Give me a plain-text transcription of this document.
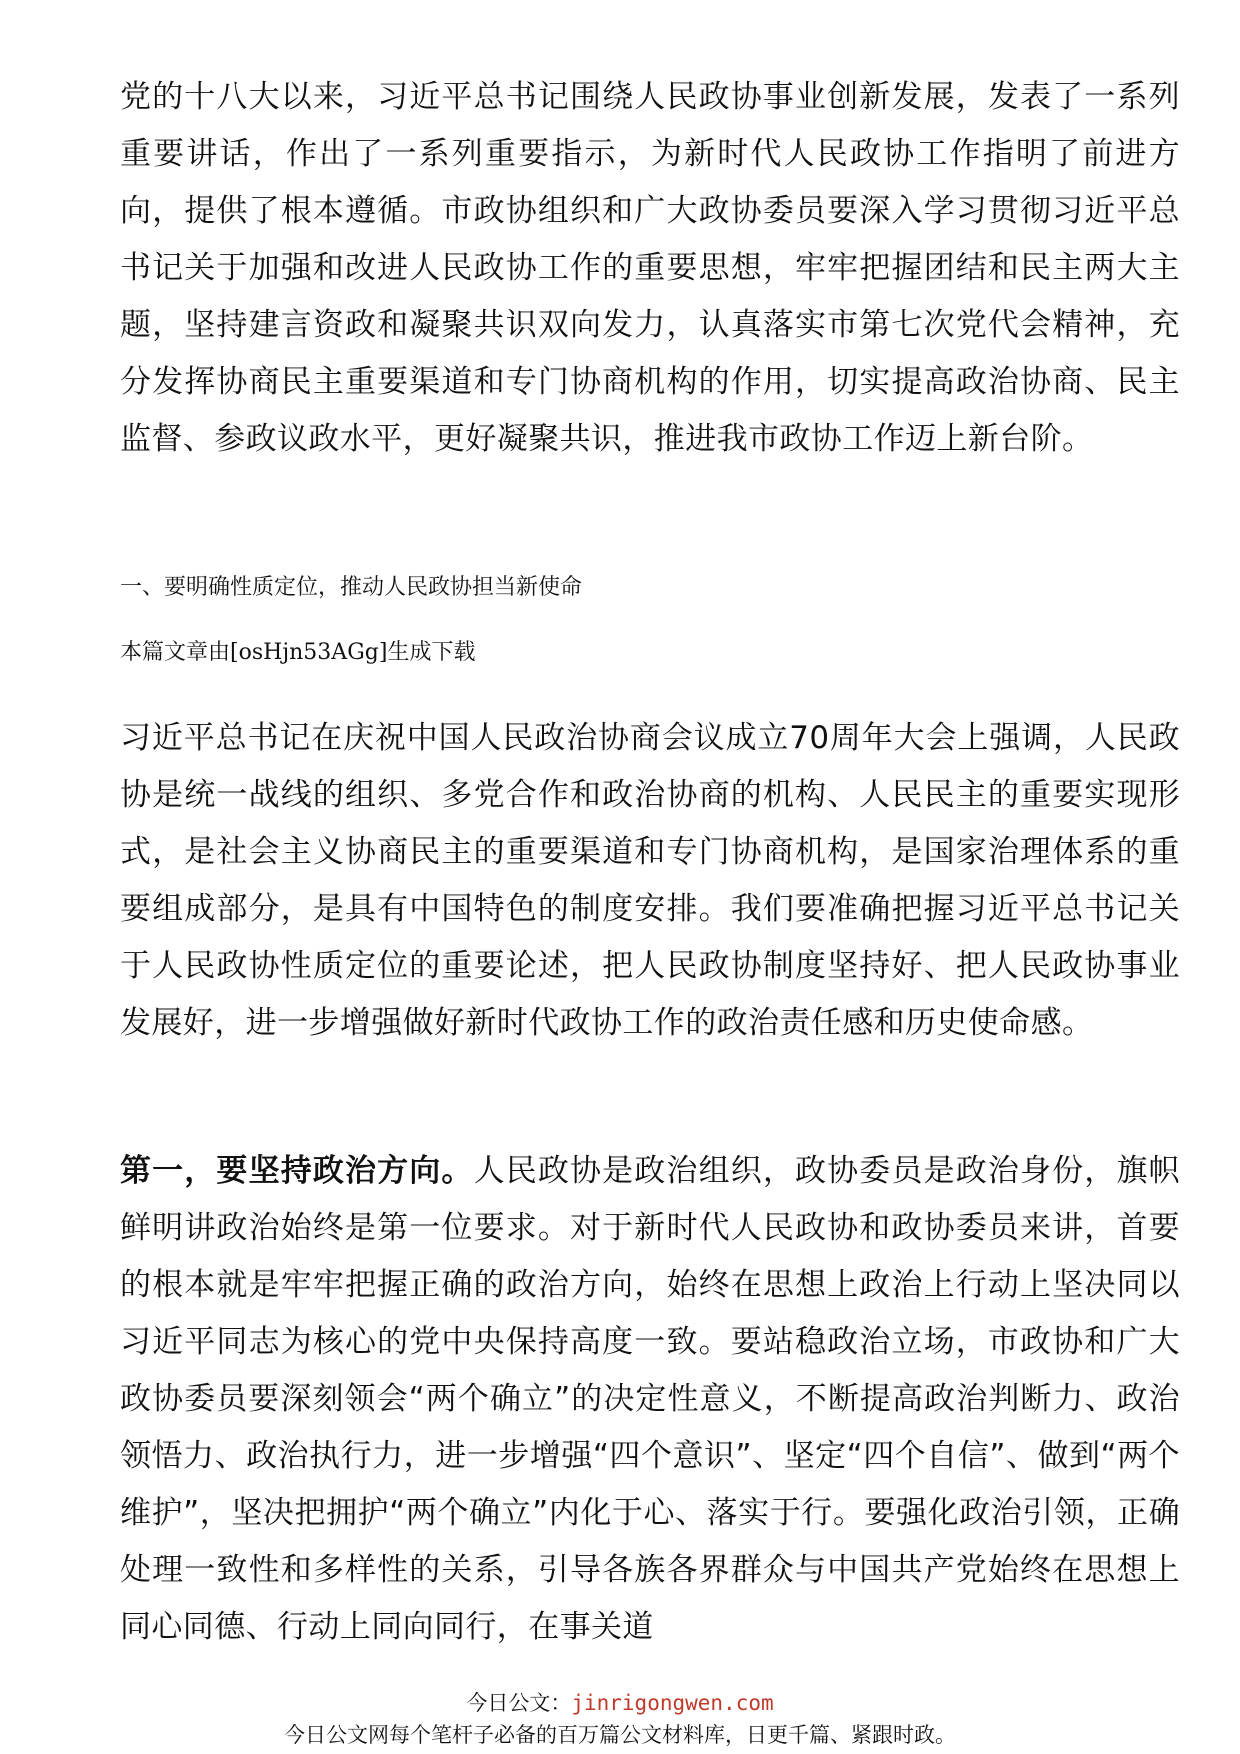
党的十八大以来，习近平总书记围绕人民政协事业创新发展，发表了一系列重要讲话，作出了一系列重要指示，为新时代人民政协工作指明了前进方向，提供了根本遵循。市政协组织和广大政协委员要深入学习贯彻习近平总书记关于加强和改进人民政协工作的重要思想，牢牢把握团结和民主两大主题，坚持建言资政和凝聚共识双向发力，认真落实市第七次党代会精神，充分发挥协商民主重要渠道和专门协商机构的作用，切实提高政治协商、民主监督、参政议政水平，更好凝聚共识，推进我市政协工作迈上新台阶。

一、要明确性质定位，推动人民政协担当新使命

本篇文章由[osHjn53AGg]生成下载

习近平总书记在庆祝中国人民政治协商会议成立70周年大会上强调，人民政协是统一战线的组织、多党合作和政治协商的机构、人民民主的重要实现形式，是社会主义协商民主的重要渠道和专门协商机构，是国家治理体系的重要组成部分，是具有中国特色的制度安排。我们要准确把握习近平总书记关于人民政协性质定位的重要论述，把人民政协制度坚持好、把人民政协事业发展好，进一步增强做好新时代政协工作的政治责任感和历史使命感。

第一，要坚持政治方向。人民政协是政治组织，政协委员是政治身份，旗帜鲜明讲政治始终是第一位要求。对于新时代人民政协和政协委员来讲，首要的根本就是牢牢把握正确的政治方向，始终在思想上政治上行动上坚决同以习近平同志为核心的党中央保持高度一致。要站稳政治立场，市政协和广大政协委员要深刻领会“两个确立”的决定性意义，不断提高政治判断力、政治领悟力、政治执行力，进一步增强“四个意识”、坚定“四个自信”、做到“两个维护”，坚决把拥护“两个确立”内化于心、落实于行。要强化政治引领，正确处理一致性和多样性的关系，引导各族各界群众与中国共产党始终在思想上同心同德、行动上同向同行，在事关道

今日公文：jinrigongwen.com

今日公文网每个笔杆子必备的百万篇公文材料库，日更千篇、紧跟时政。
